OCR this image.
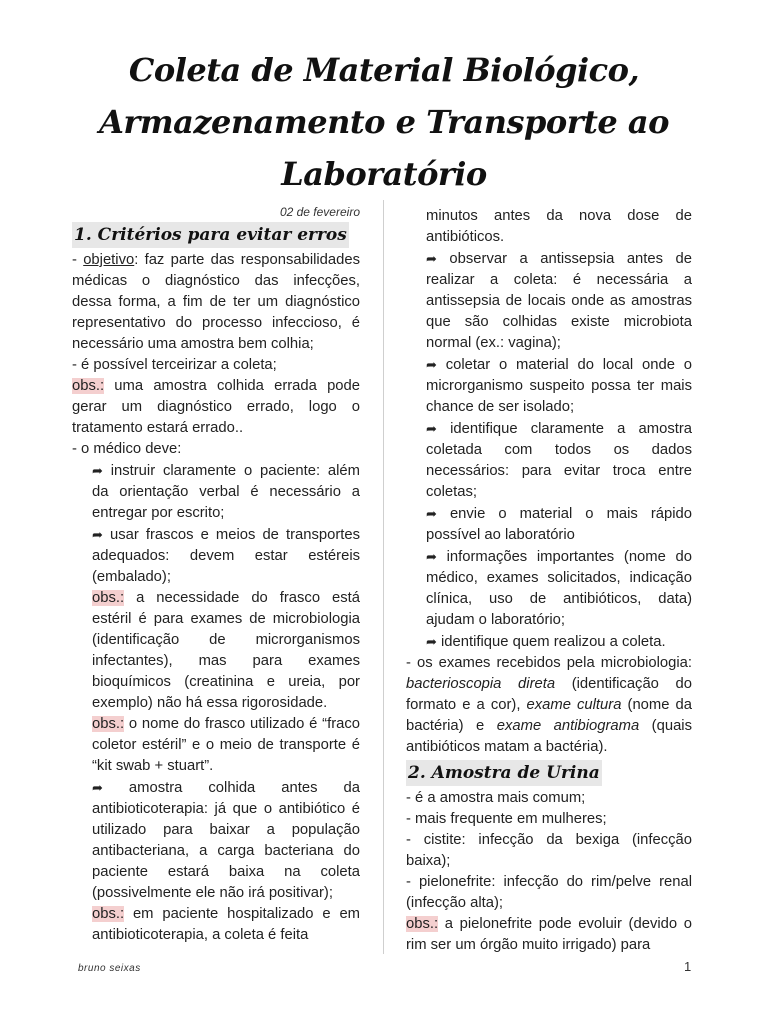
Coleta de Material Biológico,
Armazenamento e Transporte ao
Laboratório

02 de fevereiro

1. Critérios para evitar erros

- objetivo: faz parte das responsabilidades médicas o diagnóstico das infecções, dessa forma, a fim de ter um diagnóstico representativo do processo infeccioso, é necessário uma amostra bem colhia;

- é possível terceirizar a coleta;

obs.: uma amostra colhida errada pode gerar um diagnóstico errado, logo o tratamento estará errado..

- o médico deve:

➦ instruir claramente o paciente: além da orientação verbal é necessário a entregar por escrito;

➦ usar frascos e meios de transportes adequados: devem estar estéreis (embalado);

obs.: a necessidade do frasco está estéril é para exames de microbiologia (identificação de microrganismos infectantes), mas para exames bioquímicos (creatinina e ureia, por exemplo) não há essa rigorosidade.

obs.: o nome do frasco utilizado é “fraco coletor estéril” e o meio de transporte é “kit swab + stuart”.

➦ amostra colhida antes da antibioticoterapia: já que o antibiótico é utilizado para baixar a população antibacteriana, a carga bacteriana do paciente estará baixa na coleta (possivelmente ele não irá positivar);

obs.: em paciente hospitalizado e em antibioticoterapia, a coleta é feita

minutos antes da nova dose de antibióticos.

➦ observar a antissepsia antes de realizar a coleta: é necessária a antissepsia de locais onde as amostras que são colhidas existe microbiota normal (ex.: vagina);

➦ coletar o material do local onde o microrganismo suspeito possa ter mais chance de ser isolado;

➦ identifique claramente a amostra coletada com todos os dados necessários: para evitar troca entre coletas;

➦ envie o material o mais rápido possível ao laboratório

➦ informações importantes (nome do médico, exames solicitados, indicação clínica, uso de antibióticos, data) ajudam o laboratório;

➦ identifique quem realizou a coleta.

- os exames recebidos pela microbiologia: bacterioscopia direta (identificação do formato e a cor), exame cultura (nome da bactéria) e exame antibiograma (quais antibióticos matam a bactéria).

2. Amostra de Urina

- é a amostra mais comum;

- mais frequente em mulheres;

- cistite: infecção da bexiga (infecção baixa);

- pielonefrite: infecção do rim/pelve renal (infecção alta);

obs.: a pielonefrite pode evoluir (devido o rim ser um órgão muito irrigado) para

bruno seixas	1
